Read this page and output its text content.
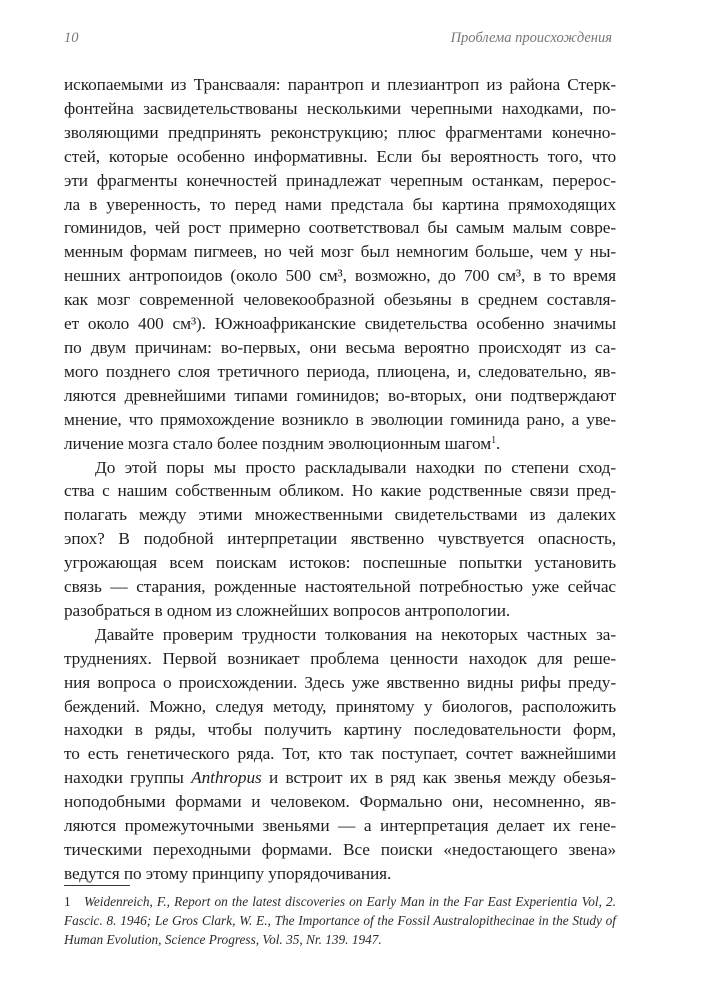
10	Проблема происхождения
ископаемыми из Трансвааля: парантроп и плезиантроп из района Стерк-
фонтейна засвидетельствованы несколькими черепными находками, по-
зволяющими предпринять реконструкцию; плюс фрагментами конечно-
стей, которые особенно информативны. Если бы вероятность того, что
эти фрагменты конечностей принадлежат черепным останкам, перерос-
ла в уверенность, то перед нами предстала бы картина прямоходящих
гоминидов, чей рост примерно соответствовал бы самым малым совре-
менным формам пигмеев, но чей мозг был немногим больше, чем у ны-
нешних антропоидов (около 500 см³, возможно, до 700 см³, в то время
как мозг современной человекообразной обезьяны в среднем составля-
ет около 400 см³). Южноафриканские свидетельства особенно значимы
по двум причинам: во-первых, они весьма вероятно происходят из са-
мого позднего слоя третичного периода, плиоцена, и, следовательно, яв-
ляются древнейшими типами гоминидов; во-вторых, они подтверждают
мнение, что прямохождение возникло в эволюции гоминида рано, а уве-
личение мозга стало более поздним эволюционным шагом$^1$.
До этой поры мы просто раскладывали находки по степени сход-
ства с нашим собственным обликом. Но какие родственные связи пред-
полагать между этими множественными свидетельствами из далеких
эпох? В подобной интерпретации явственно чувствуется опасность,
угрожающая всем поискам истоков: поспешные попытки установить
связь — старания, рожденные настоятельной потребностью уже сейчас
разобраться в одном из сложнейших вопросов антропологии.
Давайте проверим трудности толкования на некоторых частных за-
труднениях. Первой возникает проблема ценности находок для реше-
ния вопроса о происхождении. Здесь уже явственно видны рифы преду-
беждений. Можно, следуя методу, принятому у биологов, расположить
находки в ряды, чтобы получить картину последовательности форм,
то есть генетического ряда. Тот, кто так поступает, сочтет важнейшими
находки группы Anthropus и встроит их в ряд как звенья между обезья-
ноподобными формами и человеком. Формально они, несомненно, яв-
ляются промежуточными звеньями — а интерпретация делает их гене-
тическими переходными формами. Все поиски «недостающего звена»
ведутся по этому принципу упорядочивания.
1 Weidenreich, F., Report on the latest discoveries on Early Man in the Far East Experientia Vol, 2.
Fascic. 8. 1946; Le Gros Clark, W. E., The Importance of the Fossil Australopithecinae in the Study of
Human Evolution, Science Progress, Vol. 35, Nr. 139. 1947.
